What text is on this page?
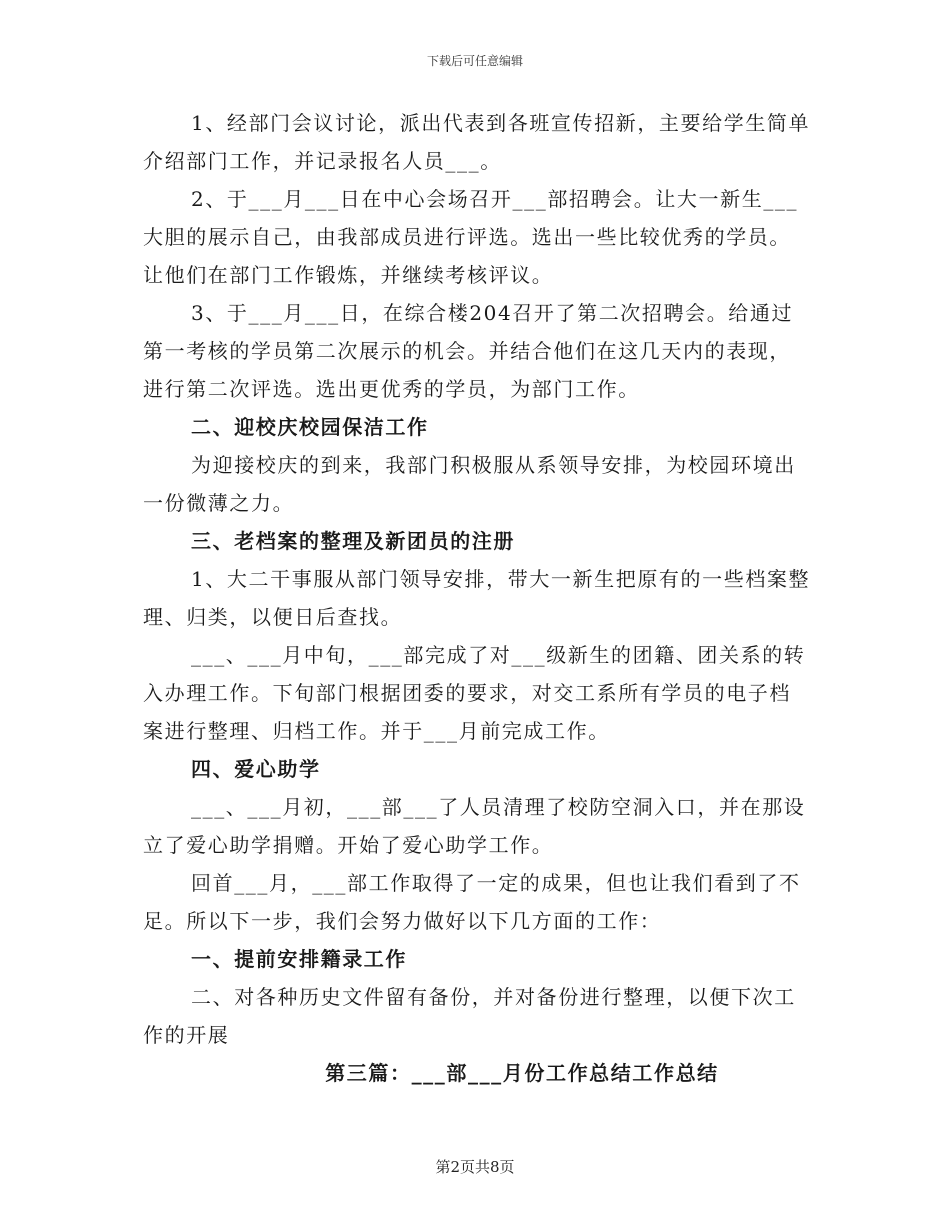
下载后可任意编辑

1、经部门会议讨论，派出代表到各班宣传招新，主要给学生简单介绍部门工作，并记录报名人员___。

2、于___月___日在中心会场召开___部招聘会。让大一新生___大胆的展示自己，由我部成员进行评选。选出一些比较优秀的学员。让他们在部门工作锻炼，并继续考核评议。

3、于___月___日，在综合楼204召开了第二次招聘会。给通过第一考核的学员第二次展示的机会。并结合他们在这几天内的表现，进行第二次评选。选出更优秀的学员，为部门工作。

二、迎校庆校园保洁工作

为迎接校庆的到来，我部门积极服从系领导安排，为校园环境出一份微薄之力。

三、老档案的整理及新团员的注册

1、大二干事服从部门领导安排，带大一新生把原有的一些档案整理、归类，以便日后查找。

___、___月中旬，___部完成了对___级新生的团籍、团关系的转入办理工作。下旬部门根据团委的要求，对交工系所有学员的电子档案进行整理、归档工作。并于___月前完成工作。

四、爱心助学

___、___月初，___部___了人员清理了校防空洞入口，并在那设立了爱心助学捐赠。开始了爱心助学工作。

回首___月，___部工作取得了一定的成果，但也让我们看到了不足。所以下一步，我们会努力做好以下几方面的工作：

一、提前安排籍录工作

二、对各种历史文件留有备份，并对备份进行整理，以便下次工作的开展

第三篇：___部___月份工作总结工作总结

第2页共8页
